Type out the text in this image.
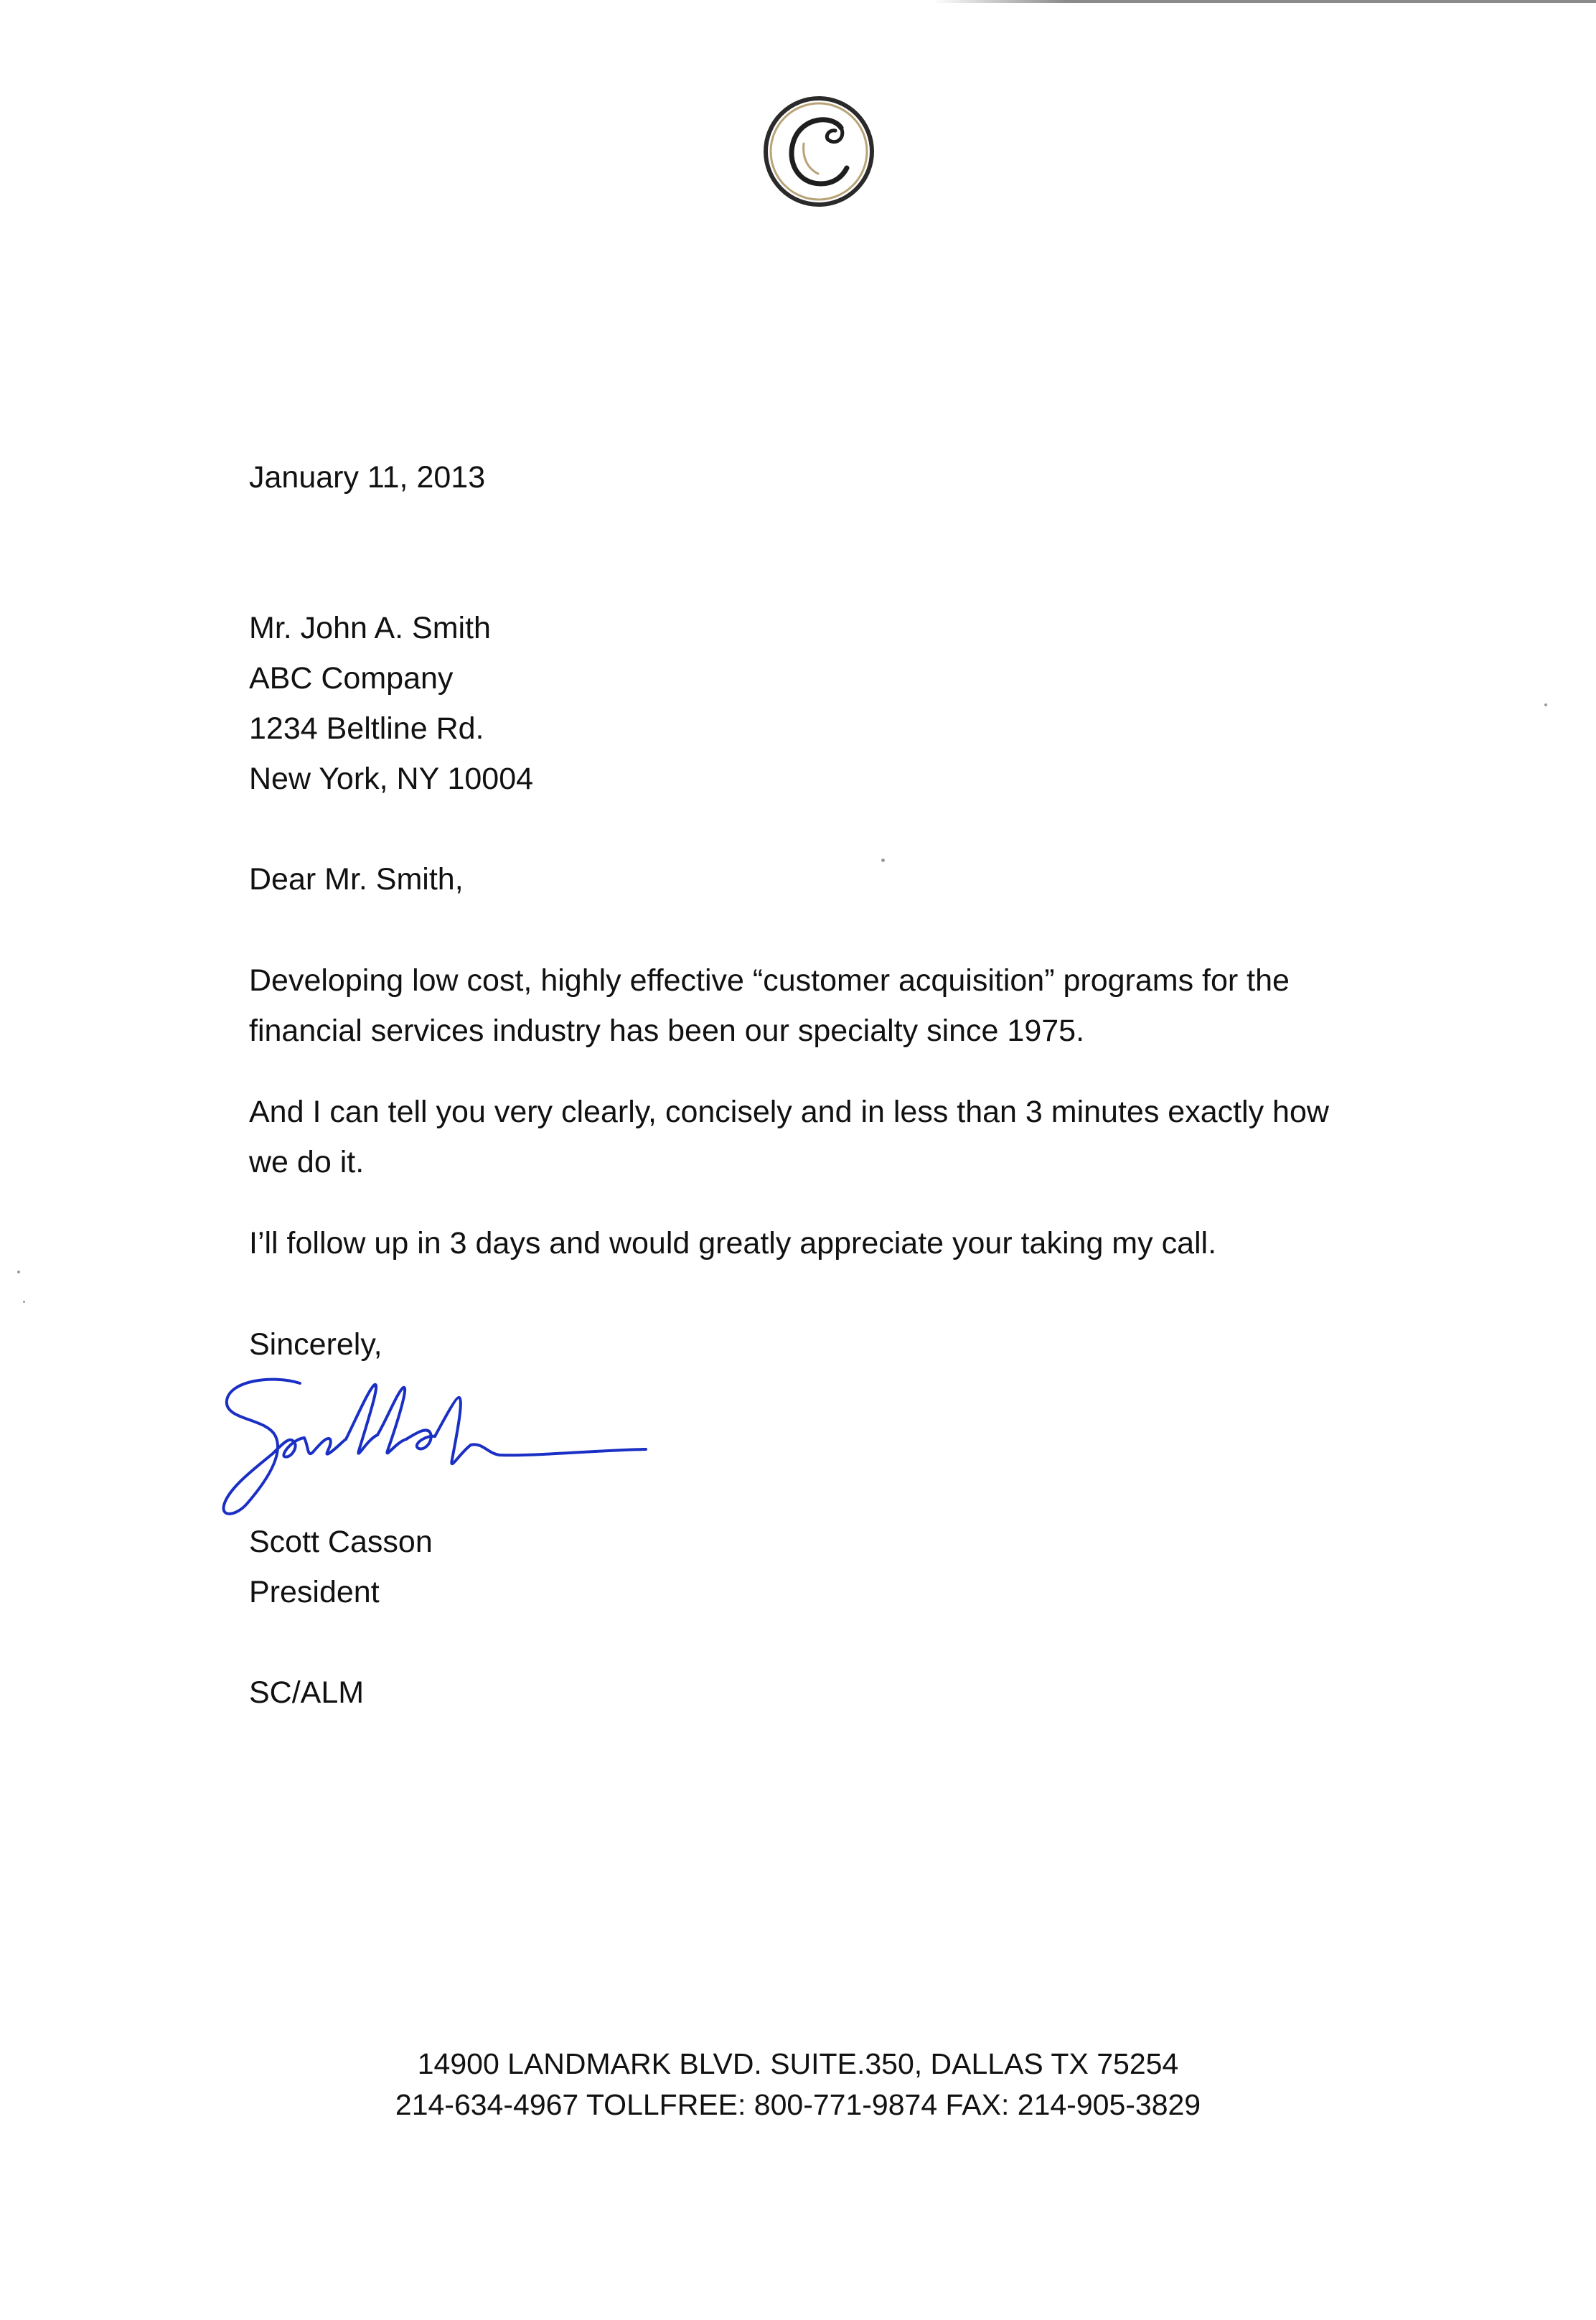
January 11, 2013
Mr. John A. Smith
ABC Company
1234 Beltline Rd.
New York, NY 10004
Dear Mr. Smith,
Developing low cost, highly effective “customer acquisition” programs for the financial services industry has been our specialty since 1975.
And I can tell you very clearly, concisely and in less than 3 minutes exactly how we do it.
I’ll follow up in 3 days and would greatly appreciate your taking my call.
Sincerely,
Scott Casson
President
SC/ALM
14900 LANDMARK BLVD. SUITE.350, DALLAS TX 75254
214-634-4967 TOLLFREE: 800-771-9874 FAX: 214-905-3829
